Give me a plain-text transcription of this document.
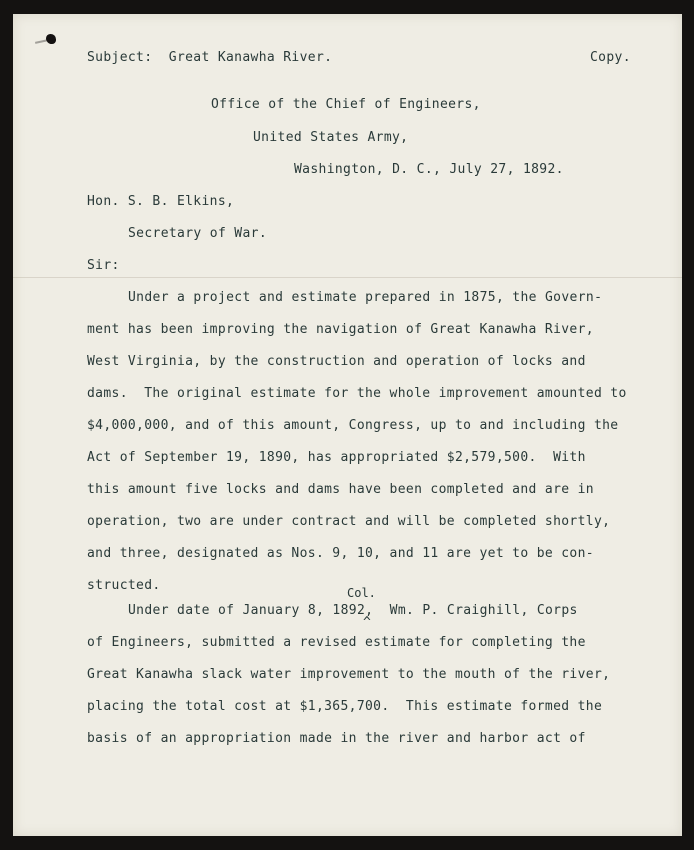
Subject:  Great Kanawha River.	Copy.
Office of the Chief of Engineers,
United States Army,
Washington, D. C., July 27, 1892.
Hon. S. B. Elkins,
Secretary of War.
Sir:
Under a project and estimate prepared in 1875, the Govern-
ment has been improving the navigation of Great Kanawha River,
West Virginia, by the construction and operation of locks and
dams.  The original estimate for the whole improvement amounted to
$4,000,000, and of this amount, Congress, up to and including the
Act of September 19, 1890, has appropriated $2,579,500.  With
this amount five locks and dams have been completed and are in
operation, two are under contract and will be completed shortly,
and three, designated as Nos. 9, 10, and 11 are yet to be con-
structed.	Col.
^
Under date of January 8, 1892,  Wm. P. Craighill, Corps
of Engineers, submitted a revised estimate for completing the
Great Kanawha slack water improvement to the mouth of the river,
placing the total cost at $1,365,700.  This estimate formed the
basis of an appropriation made in the river and harbor act of
